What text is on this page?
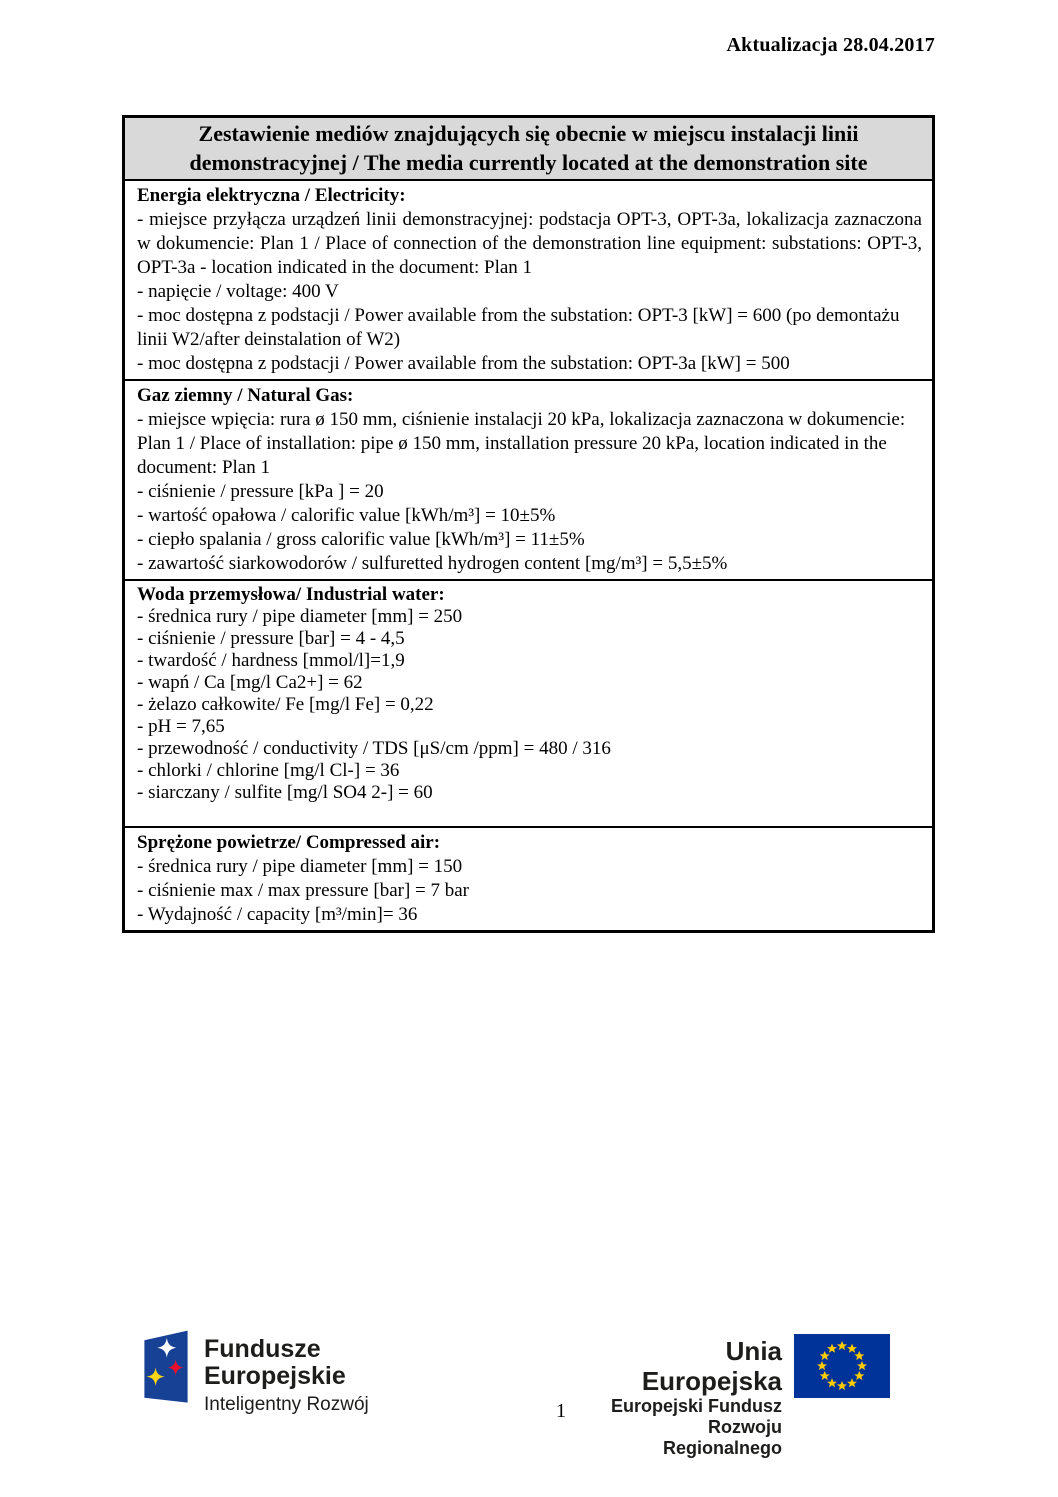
Aktualizacja 28.04.2017
Zestawienie mediów znajdujących się obecnie w miejscu instalacji linii
demonstracyjnej / The media currently located at the demonstration site
Energia elektryczna / Electricity:
- miejsce przyłącza urządzeń linii demonstracyjnej: podstacja OPT-3, OPT-3a, lokalizacja zaznaczona w dokumencie: Plan 1 / Place of connection of the demonstration line equipment: substations: OPT-3, OPT-3a - location indicated in the document: Plan 1
- napięcie / voltage: 400 V
- moc dostępna z podstacji / Power available from the substation: OPT-3 [kW] = 600 (po demontażu linii W2/after deinstalation of W2)
- moc dostępna z podstacji / Power available from the substation: OPT-3a [kW] = 500
Gaz ziemny / Natural Gas:
- miejsce wpięcia: rura ø 150 mm, ciśnienie instalacji 20 kPa, lokalizacja zaznaczona w dokumencie: Plan 1 / Place of installation: pipe ø 150 mm, installation pressure 20 kPa, location indicated in the document: Plan 1
- ciśnienie / pressure [kPa ] = 20
- wartość opałowa / calorific value [kWh/m³] = 10±5%
- ciepło spalania / gross calorific value [kWh/m³] = 11±5%
- zawartość siarkowodorów / sulfuretted hydrogen content [mg/m³] = 5,5±5%
Woda przemysłowa/ Industrial water:
- średnica rury / pipe diameter [mm] = 250
- ciśnienie / pressure [bar] = 4 - 4,5
- twardość / hardness [mmol/l]=1,9
- wapń / Ca [mg/l Ca2+] = 62
- żelazo całkowite/ Fe [mg/l Fe] = 0,22
- pH = 7,65
- przewodność / conductivity / TDS [μS/cm /ppm] = 480 / 316
- chlorki / chlorine [mg/l Cl-] = 36
- siarczany / sulfite [mg/l SO4 2-] = 60
Sprężone powietrze/ Compressed air:
- średnica rury / pipe diameter [mm] = 150
- ciśnienie max / max pressure [bar] = 7 bar
- Wydajność / capacity [m³/min]= 36
Fundusze
Europejskie
Inteligentny Rozwój
Unia Europejska
Europejski Fundusz
Rozwoju Regionalnego
1
